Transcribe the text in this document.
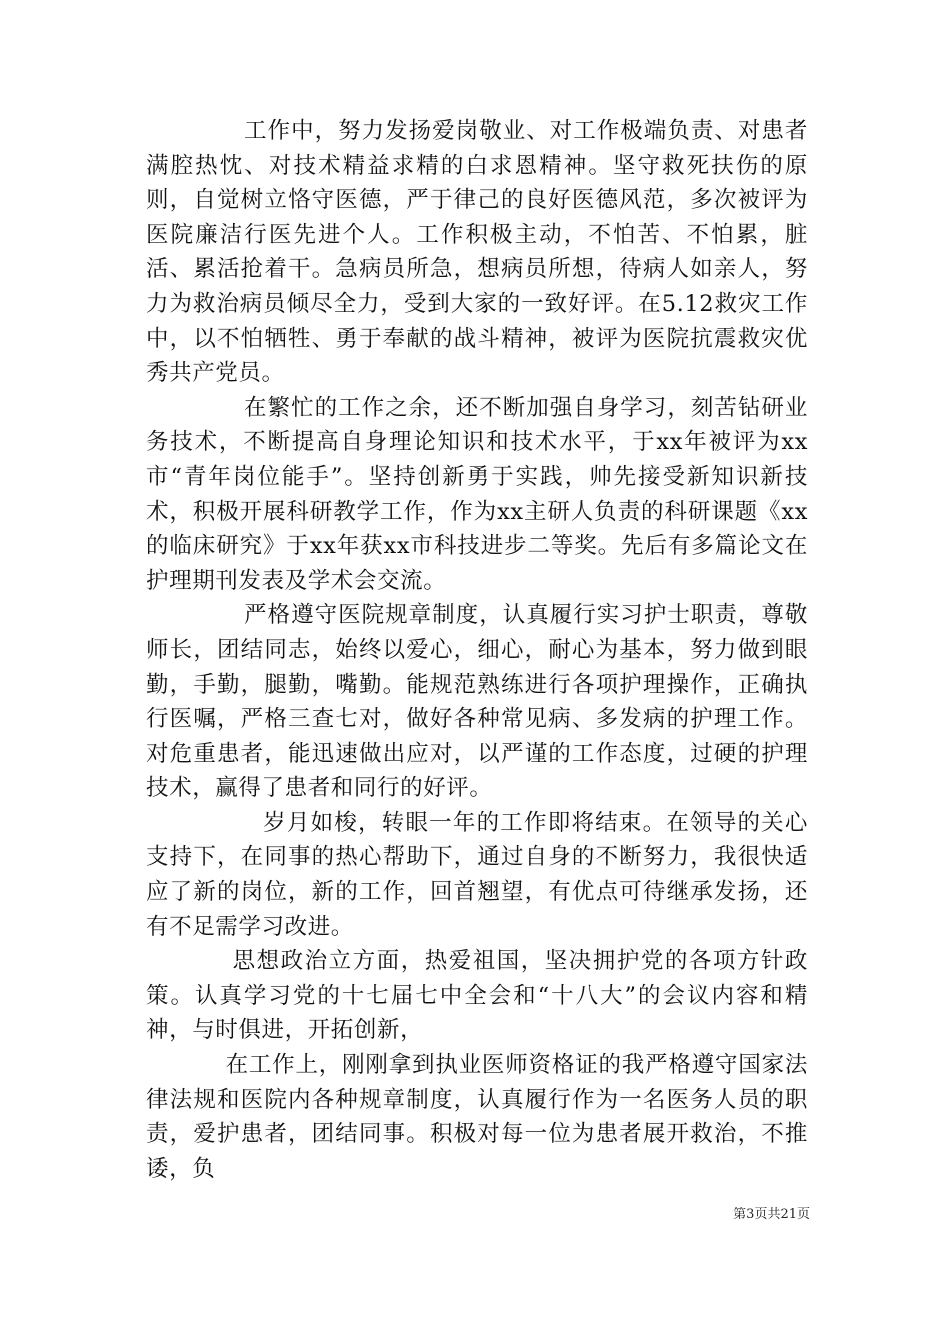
工作中，努力发扬爱岗敬业、对工作极端负责、对患者满腔热忱、对技术精益求精的白求恩精神。坚守救死扶伤的原则，自觉树立恪守医德，严于律己的良好医德风范，多次被评为医院廉洁行医先进个人。工作积极主动，不怕苦、不怕累，脏活、累活抢着干。急病员所急，想病员所想，待病人如亲人，努力为救治病员倾尽全力，受到大家的一致好评。在5.12救灾工作中，以不怕牺牲、勇于奉献的战斗精神，被评为医院抗震救灾优秀共产党员。

在繁忙的工作之余，还不断加强自身学习，刻苦钻研业务技术，不断提高自身理论知识和技术水平，于xx年被评为xx市“青年岗位能手”。坚持创新勇于实践，帅先接受新知识新技术，积极开展科研教学工作，作为xx主研人负责的科研课题《xx的临床研究》于xx年获xx市科技进步二等奖。先后有多篇论文在护理期刊发表及学术会交流。

严格遵守医院规章制度，认真履行实习护士职责，尊敬师长，团结同志，始终以爱心，细心，耐心为基本，努力做到眼勤，手勤，腿勤，嘴勤。能规范熟练进行各项护理操作，正确执行医嘱，严格三查七对，做好各种常见病、多发病的护理工作。对危重患者，能迅速做出应对，以严谨的工作态度，过硬的护理技术，赢得了患者和同行的好评。

岁月如梭，转眼一年的工作即将结束。在领导的关心支持下，在同事的热心帮助下，通过自身的不断努力，我很快适应了新的岗位，新的工作，回首翘望，有优点可待继承发扬，还有不足需学习改进。

思想政治立方面，热爱祖国，坚决拥护党的各项方针政策。认真学习党的十七届七中全会和“十八大”的会议内容和精神，与时俱进，开拓创新，

在工作上，刚刚拿到执业医师资格证的我严格遵守国家法律法规和医院内各种规章制度，认真履行作为一名医务人员的职责，爱护患者，团结同事。积极对每一位为患者展开救治，不推诿，负

第3页共21页
